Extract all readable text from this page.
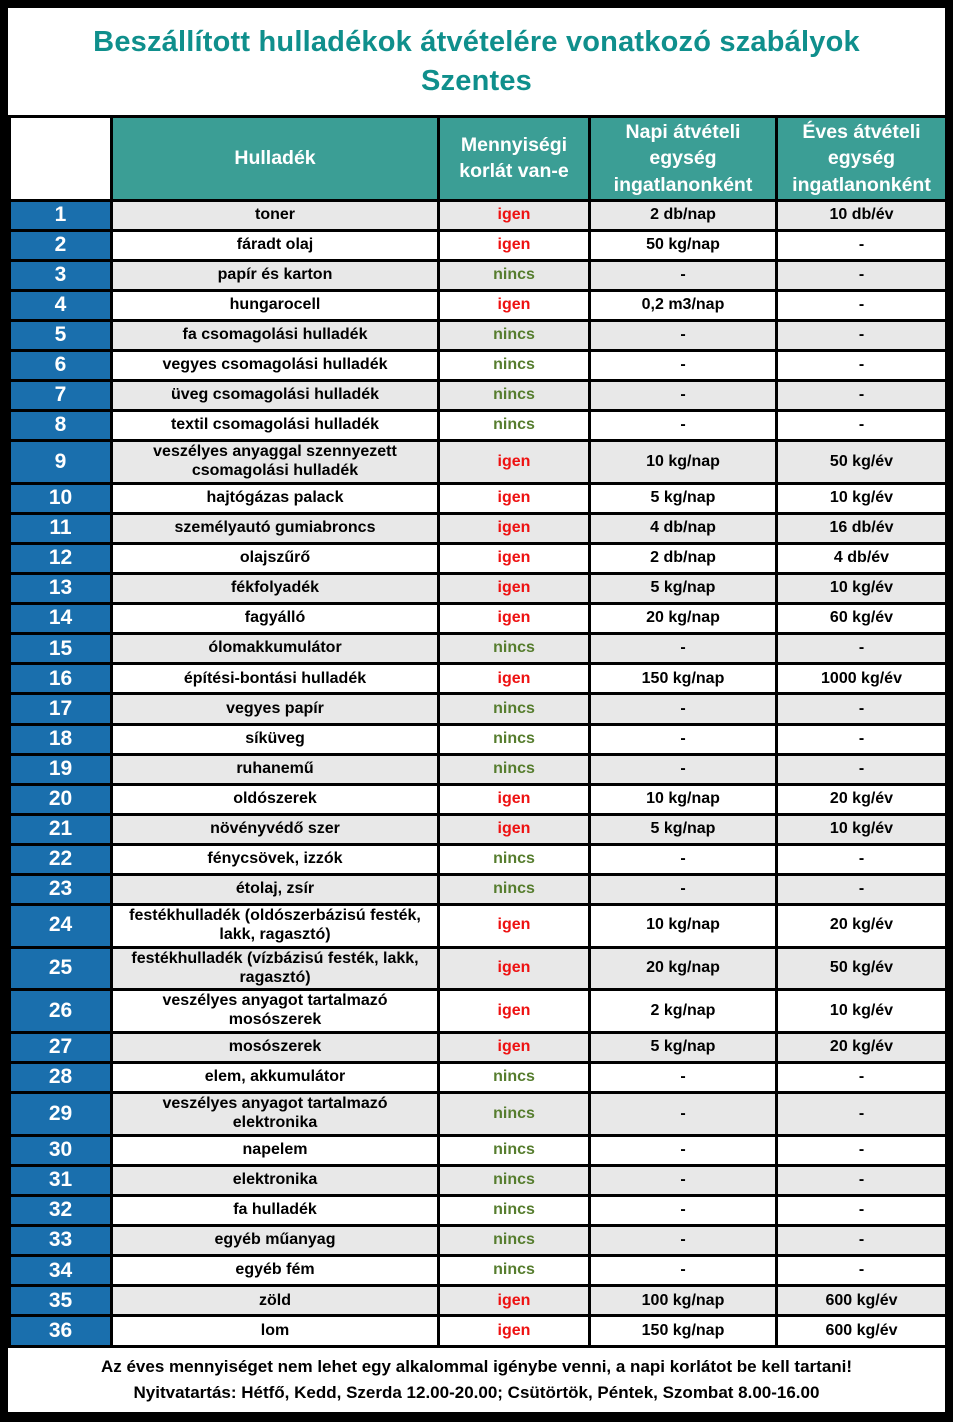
Beszállított hulladékok átvételére vonatkozó szabályok
Szentes
	Hulladék	Mennyiségi korlát van-e	Napi átvételi egység ingatlanonként	Éves átvételi egység ingatlanonként
1	toner	igen	2 db/nap	10 db/év
2	fáradt olaj	igen	50 kg/nap	-
3	papír és karton	nincs	-	-
4	hungarocell	igen	0,2 m3/nap	-
5	fa csomagolási hulladék	nincs	-	-
6	vegyes csomagolási hulladék	nincs	-	-
7	üveg csomagolási hulladék	nincs	-	-
8	textil csomagolási hulladék	nincs	-	-
9	veszélyes anyaggal szennyezett csomagolási hulladék	igen	10 kg/nap	50 kg/év
10	hajtógázas palack	igen	5 kg/nap	10 kg/év
11	személyautó gumiabroncs	igen	4 db/nap	16 db/év
12	olajszűrő	igen	2 db/nap	4 db/év
13	fékfolyadék	igen	5 kg/nap	10 kg/év
14	fagyálló	igen	20 kg/nap	60 kg/év
15	ólomakkumulátor	nincs	-	-
16	építési-bontási hulladék	igen	150 kg/nap	1000 kg/év
17	vegyes papír	nincs	-	-
18	síküveg	nincs	-	-
19	ruhanemű	nincs	-	-
20	oldószerek	igen	10 kg/nap	20 kg/év
21	növényvédő szer	igen	5 kg/nap	10 kg/év
22	fénycsövek, izzók	nincs	-	-
23	étolaj, zsír	nincs	-	-
24	festékhulladék (oldószerbázisú festék, lakk, ragasztó)	igen	10 kg/nap	20 kg/év
25	festékhulladék (vízbázisú festék, lakk, ragasztó)	igen	20 kg/nap	50 kg/év
26	veszélyes anyagot tartalmazó mosószerek	igen	2 kg/nap	10 kg/év
27	mosószerek	igen	5 kg/nap	20 kg/év
28	elem, akkumulátor	nincs	-	-
29	veszélyes anyagot tartalmazó elektronika	nincs	-	-
30	napelem	nincs	-	-
31	elektronika	nincs	-	-
32	fa hulladék	nincs	-	-
33	egyéb műanyag	nincs	-	-
34	egyéb fém	nincs	-	-
35	zöld	igen	100 kg/nap	600 kg/év
36	lom	igen	150 kg/nap	600 kg/év
Az éves mennyiséget nem lehet egy alkalommal igénybe venni, a napi korlátot be kell tartani!
Nyitvatartás: Hétfő, Kedd, Szerda 12.00-20.00; Csütörtök, Péntek, Szombat 8.00-16.00
